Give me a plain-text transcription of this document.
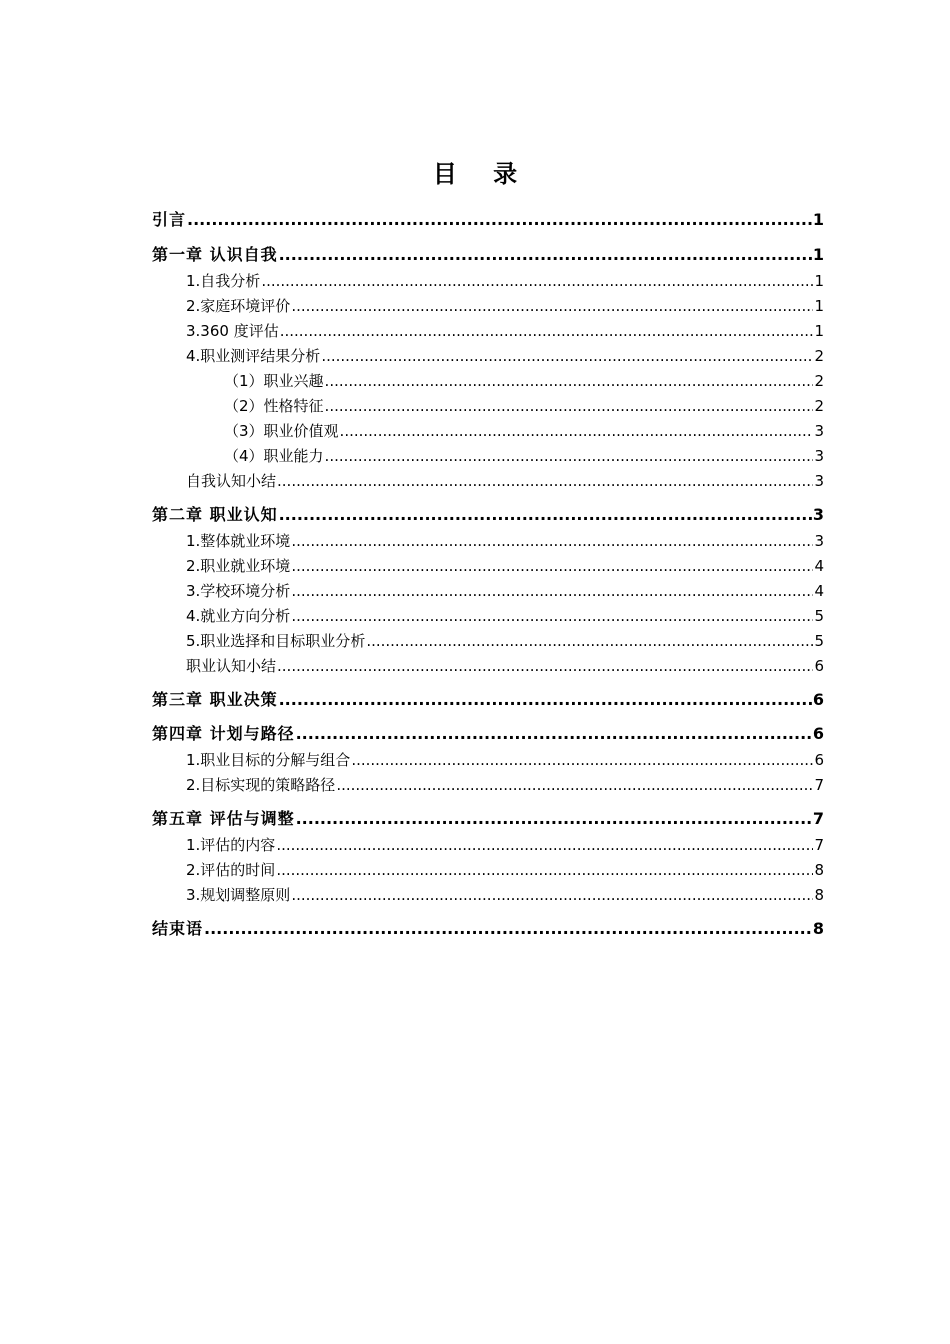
目 录
引言 .....	1
第一章 认识自我 .....	1
1.自我分析 .....	1
2.家庭环境评价 .....	1
3.360 度评估 .....	1
4.职业测评结果分析 .....	2
（1）职业兴趣 .....	2
（2）性格特征 .....	2
（3）职业价值观 .....	3
（4）职业能力 .....	3
自我认知小结 .....	3
第二章 职业认知 .....	3
1.整体就业环境 .....	3
2.职业就业环境 .....	4
3.学校环境分析 .....	4
4.就业方向分析 .....	5
5.职业选择和目标职业分析 .....	5
职业认知小结 .....	6
第三章 职业决策 .....	6
第四章 计划与路径 .....	6
1.职业目标的分解与组合 .....	6
2.目标实现的策略路径 .....	7
第五章 评估与调整 .....	7
1.评估的内容 .....	7
2.评估的时间 .....	8
3.规划调整原则 .....	8
结束语 .....	8
